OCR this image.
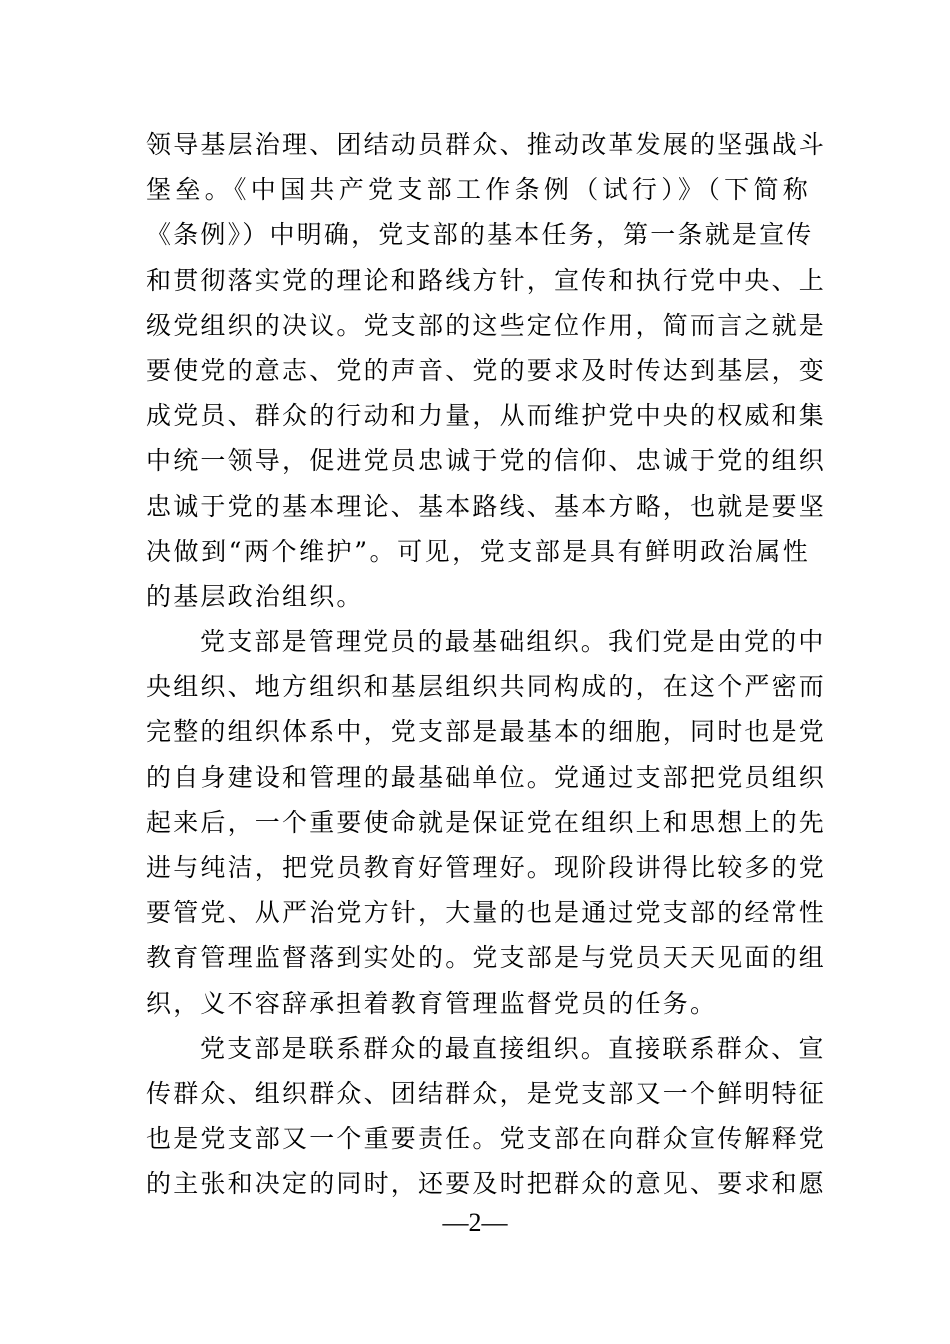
领导基层治理、团结动员群众、推动改革发展的坚强战斗
堡垒。《中国共产党支部工作条例（试行）》（下简称
《条例》）中明确，党支部的基本任务，第一条就是宣传
和贯彻落实党的理论和路线方针，宣传和执行党中央、上
级党组织的决议。党支部的这些定位作用，简而言之就是
要使党的意志、党的声音、党的要求及时传达到基层，变
成党员、群众的行动和力量，从而维护党中央的权威和集
中统一领导，促进党员忠诚于党的信仰、忠诚于党的组织
忠诚于党的基本理论、基本路线、基本方略，也就是要坚
决做到“两个维护”。可见，党支部是具有鲜明政治属性
的基层政治组织。
党支部是管理党员的最基础组织。我们党是由党的中
央组织、地方组织和基层组织共同构成的，在这个严密而
完整的组织体系中，党支部是最基本的细胞，同时也是党
的自身建设和管理的最基础单位。党通过支部把党员组织
起来后，一个重要使命就是保证党在组织上和思想上的先
进与纯洁，把党员教育好管理好。现阶段讲得比较多的党
要管党、从严治党方针，大量的也是通过党支部的经常性
教育管理监督落到实处的。党支部是与党员天天见面的组
织，义不容辞承担着教育管理监督党员的任务。
党支部是联系群众的最直接组织。直接联系群众、宣
传群众、组织群众、团结群众，是党支部又一个鲜明特征
也是党支部又一个重要责任。党支部在向群众宣传解释党
的主张和决定的同时，还要及时把群众的意见、要求和愿
—2—
